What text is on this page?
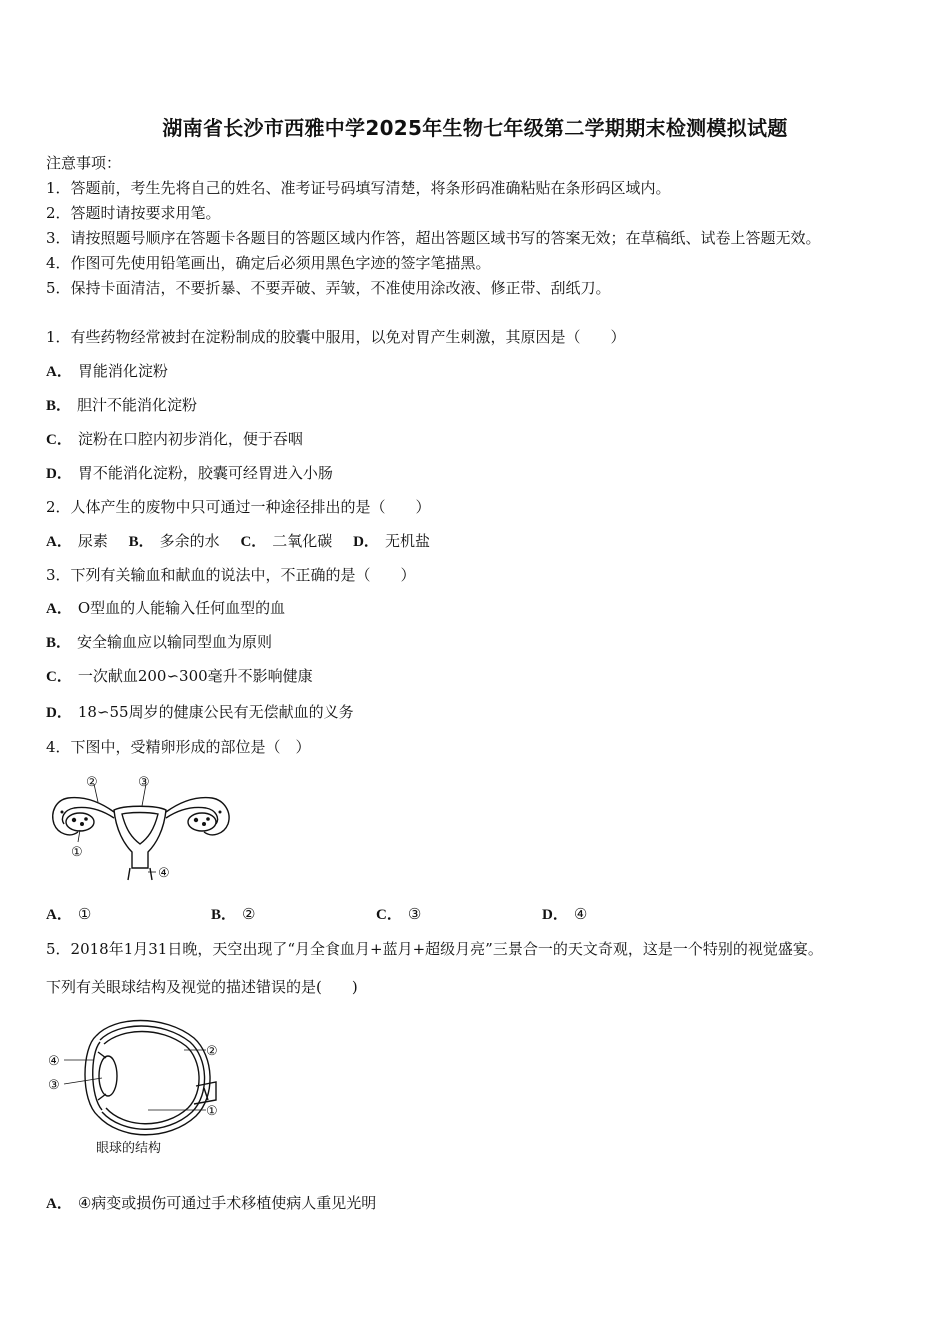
湖南省长沙市西雅中学2025年生物七年级第二学期期末检测模拟试题
注意事项：
1．答题前，考生先将自己的姓名、准考证号码填写清楚，将条形码准确粘贴在条形码区域内。
2．答题时请按要求用笔。
3．请按照题号顺序在答题卡各题目的答题区域内作答，超出答题区域书写的答案无效；在草稿纸、试卷上答题无效。
4．作图可先使用铅笔画出，确定后必须用黑色字迹的签字笔描黑。
5．保持卡面清洁，不要折暴、不要弄破、弄皱，不准使用涂改液、修正带、刮纸刀。
1．有些药物经常被封在淀粉制成的胶囊中服用，以免对胃产生刺激，其原因是（　　）
A． 胃能消化淀粉
B． 胆汁不能消化淀粉
C． 淀粉在口腔内初步消化，便于吞咽
D． 胃不能消化淀粉，胶囊可经胃进入小肠
2．人体产生的废物中只可通过一种途径排出的是（　　）
A． 尿素 B． 多余的水 C． 二氧化碳 D． 无机盐
3．下列有关输血和献血的说法中，不正确的是（　　）
A． O型血的人能输入任何血型的血
B． 安全输血应以输同型血为原则
C． 一次献血200∽300毫升不影响健康
D． 18∽55周岁的健康公民有无偿献血的义务
4．下图中，受精卵形成的部位是（　）
②	③
①
④
A． ①	B． ②	C． ③	D． ④
5．2018年1月31日晚，天空出现了“月全食血月+蓝月+超级月亮”三景合一的天文奇观，这是一个特别的视觉盛宴。
下列有关眼球结构及视觉的描述错误的是(　　)
④
③
②
①
眼球的结构
A． ④病变或损伤可通过手术移植使病人重见光明
